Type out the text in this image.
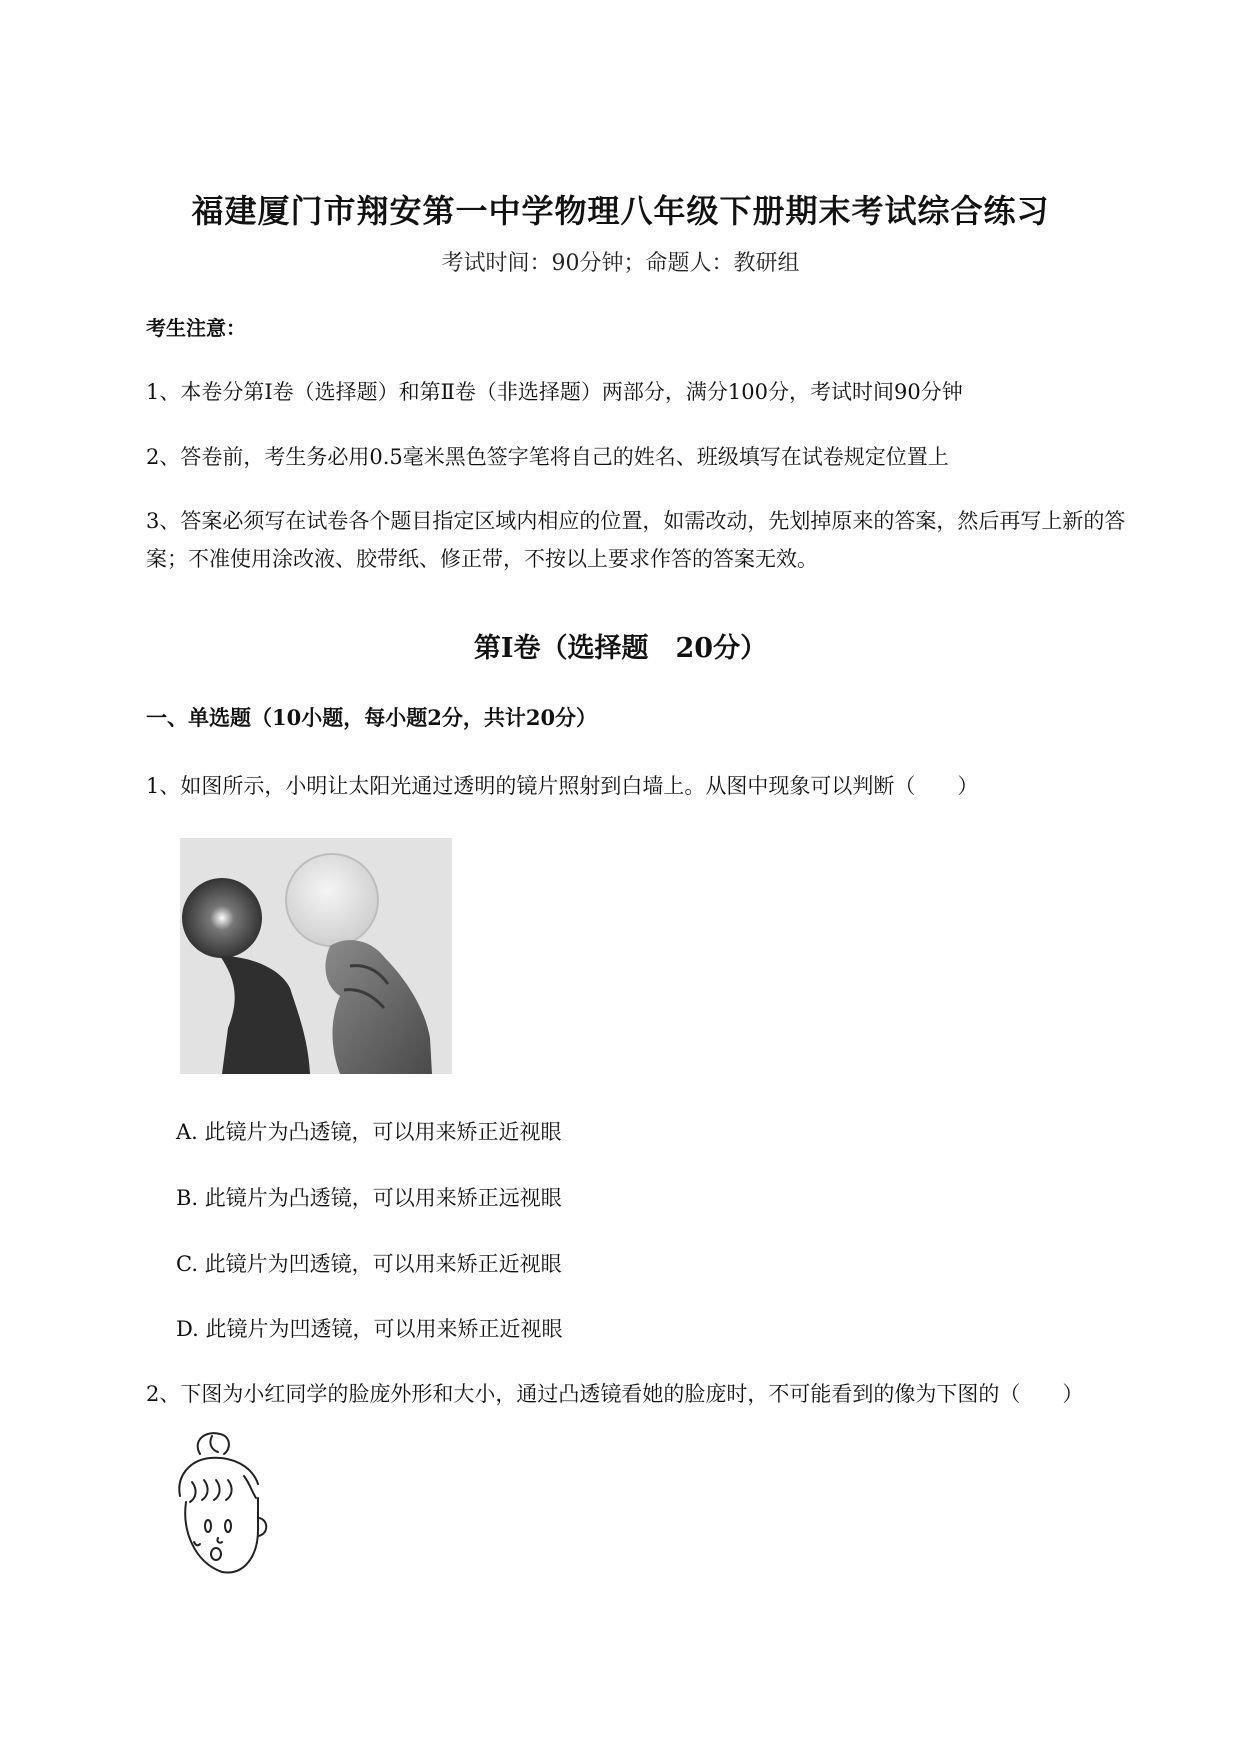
福建厦门市翔安第一中学物理八年级下册期末考试综合练习
考试时间：90分钟；命题人：教研组
考生注意：
1、本卷分第Ⅰ卷（选择题）和第Ⅱ卷（非选择题）两部分，满分100分，考试时间90分钟
2、答卷前，考生务必用0.5毫米黑色签字笔将自己的姓名、班级填写在试卷规定位置上
3、答案必须写在试卷各个题目指定区域内相应的位置，如需改动，先划掉原来的答案，然后再写上新的答案；不准使用涂改液、胶带纸、修正带，不按以上要求作答的答案无效。
第Ⅰ卷（选择题　20分）
一、单选题（10小题，每小题2分，共计20分）
1、如图所示，小明让太阳光通过透明的镜片照射到白墙上。从图中现象可以判断（　　）
A. 此镜片为凸透镜，可以用来矫正近视眼
B. 此镜片为凸透镜，可以用来矫正远视眼
C. 此镜片为凹透镜，可以用来矫正近视眼
D. 此镜片为凹透镜，可以用来矫正近视眼
2、下图为小红同学的脸庞外形和大小，通过凸透镜看她的脸庞时，不可能看到的像为下图的（　　）
